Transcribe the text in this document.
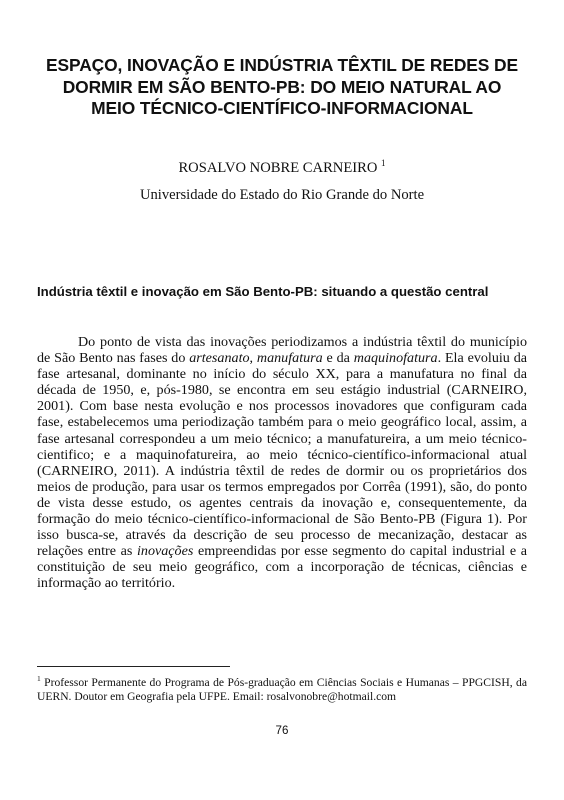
ESPAÇO, INOVAÇÃO E INDÚSTRIA TÊXTIL DE REDES DE DORMIR EM SÃO BENTO-PB: DO MEIO NATURAL AO MEIO TÉCNICO-CIENTÍFICO-INFORMACIONAL
ROSALVO NOBRE CARNEIRO $^1$
Universidade do Estado do Rio Grande do Norte
Indústria têxtil e inovação em São Bento-PB: situando a questão central

Do ponto de vista das inovações periodizamos a indústria têxtil do município de São Bento nas fases do artesanato, manufatura e da maquinofatura. Ela evoluiu da fase artesanal, dominante no início do século XX, para a manufatura no final da década de 1950, e, pós-1980, se encontra em seu estágio industrial (CARNEIRO, 2001). Com base nesta evolução e nos processos inovadores que configuram cada fase, estabelecemos uma periodização também para o meio geográfico local, assim, a fase artesanal correspondeu a um meio técnico; a manufatureira, a um meio técnico-cientifico; e a maquinofatureira, ao meio técnico-científico-informacional atual (CARNEIRO, 2011). A indústria têxtil de redes de dormir ou os proprietários dos meios de produção, para usar os termos empregados por Corrêa (1991), são, do ponto de vista desse estudo, os agentes centrais da inovação e, consequentemente, da formação do meio técnico-científico-informacional de São Bento-PB (Figura 1). Por isso busca-se, através da descrição de seu processo de mecanização, destacar as relações entre as inovações empreendidas por esse segmento do capital industrial e a constituição de seu meio geográfico, com a incorporação de técnicas, ciências e informação ao território.

$^1$ Professor Permanente do Programa de Pós-graduação em Ciências Sociais e Humanas – PPGCISH, da UERN. Doutor em Geografia pela UFPE. Email: rosalvonobre@hotmail.com
76
